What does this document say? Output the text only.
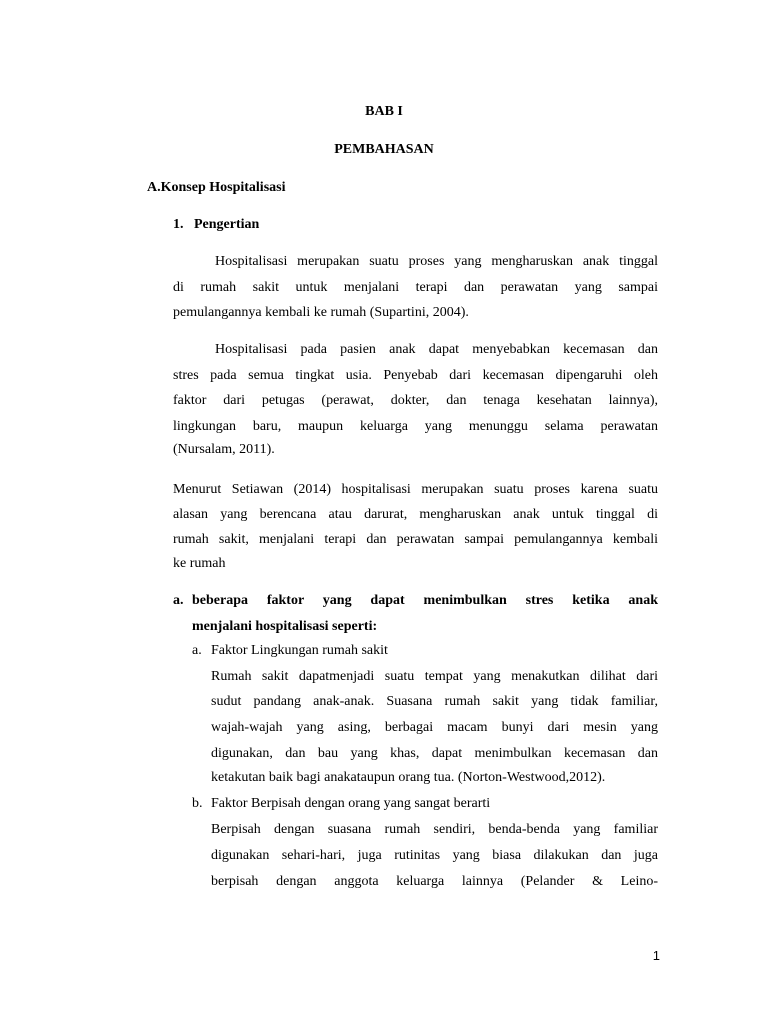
BAB I
PEMBAHASAN
A.Konsep Hospitalisasi
1.   Pengertian
Hospitalisasi merupakan suatu proses yang mengharuskan anak tinggal
di rumah sakit untuk menjalani terapi dan perawatan yang sampai
pemulangannya kembali ke rumah (Supartini, 2004).
Hospitalisasi pada pasien anak dapat menyebabkan kecemasan dan
stres pada semua tingkat usia. Penyebab dari kecemasan dipengaruhi oleh
faktor dari petugas (perawat, dokter, dan tenaga kesehatan lainnya),
lingkungan baru, maupun keluarga yang menunggu selama perawatan
(Nursalam, 2011).
Menurut Setiawan (2014) hospitalisasi merupakan suatu proses karena suatu
alasan yang berencana atau darurat, mengharuskan anak untuk tinggal di
rumah sakit, menjalani terapi dan perawatan sampai pemulangannya kembali
ke rumah
a. beberapa faktor yang dapat menimbulkan stres ketika anak
menjalani hospitalisasi seperti:
a. Faktor Lingkungan rumah sakit
Rumah sakit dapatmenjadi suatu tempat yang menakutkan dilihat dari
sudut pandang anak-anak. Suasana rumah sakit yang tidak familiar,
wajah-wajah yang asing, berbagai macam bunyi dari mesin yang
digunakan, dan bau yang khas, dapat menimbulkan kecemasan dan
ketakutan baik bagi anakataupun orang tua. (Norton-Westwood,2012).
b. Faktor Berpisah dengan orang yang sangat berarti
Berpisah dengan suasana rumah sendiri, benda-benda yang familiar
digunakan sehari-hari, juga rutinitas yang biasa dilakukan dan juga
berpisah dengan anggota keluarga lainnya (Pelander & Leino-
1
